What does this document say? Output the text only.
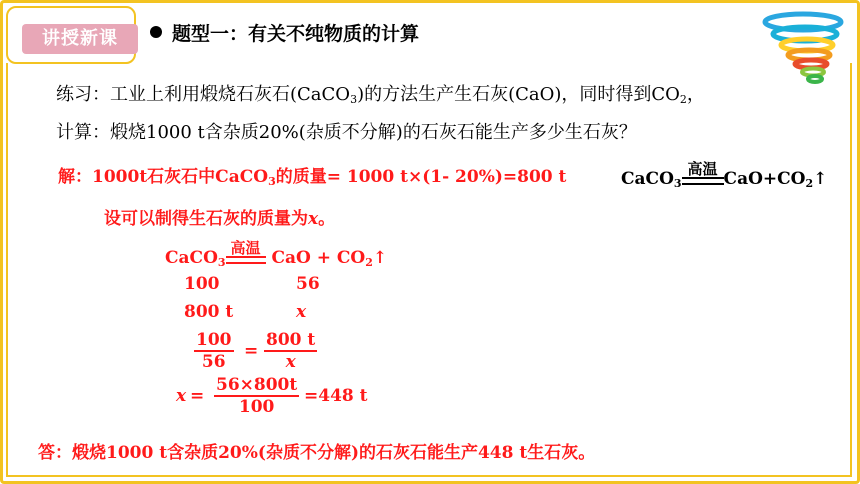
讲授新课	题型一：有关不纯物质的计算
练习：工业上利用煅烧石灰石(CaCO$_3$)的方法生产生石灰(CaO)，同时得到$CO_2$，
计算：煅烧1000 t含杂质20%(杂质不分解)的石灰石能生产多少生石灰？
解：1000t石灰石中CaCO$_3$的质量= 1000 t×(1- 20%)=800 t	CaCO$_3$
高温 $CaO+CO_2↑$
设可以制得生石灰的质量为x。
CaCO$_3$
高温 CaO + $CO_2↑$
100	56
800 t	x
$\frac{100}{56} = \frac{800 t}{x}$
$x = \frac{56\times 800t}{100} =448$ t
答：煅烧1000 t含杂质20%(杂质不分解)的石灰石能生产448 t生石灰。
